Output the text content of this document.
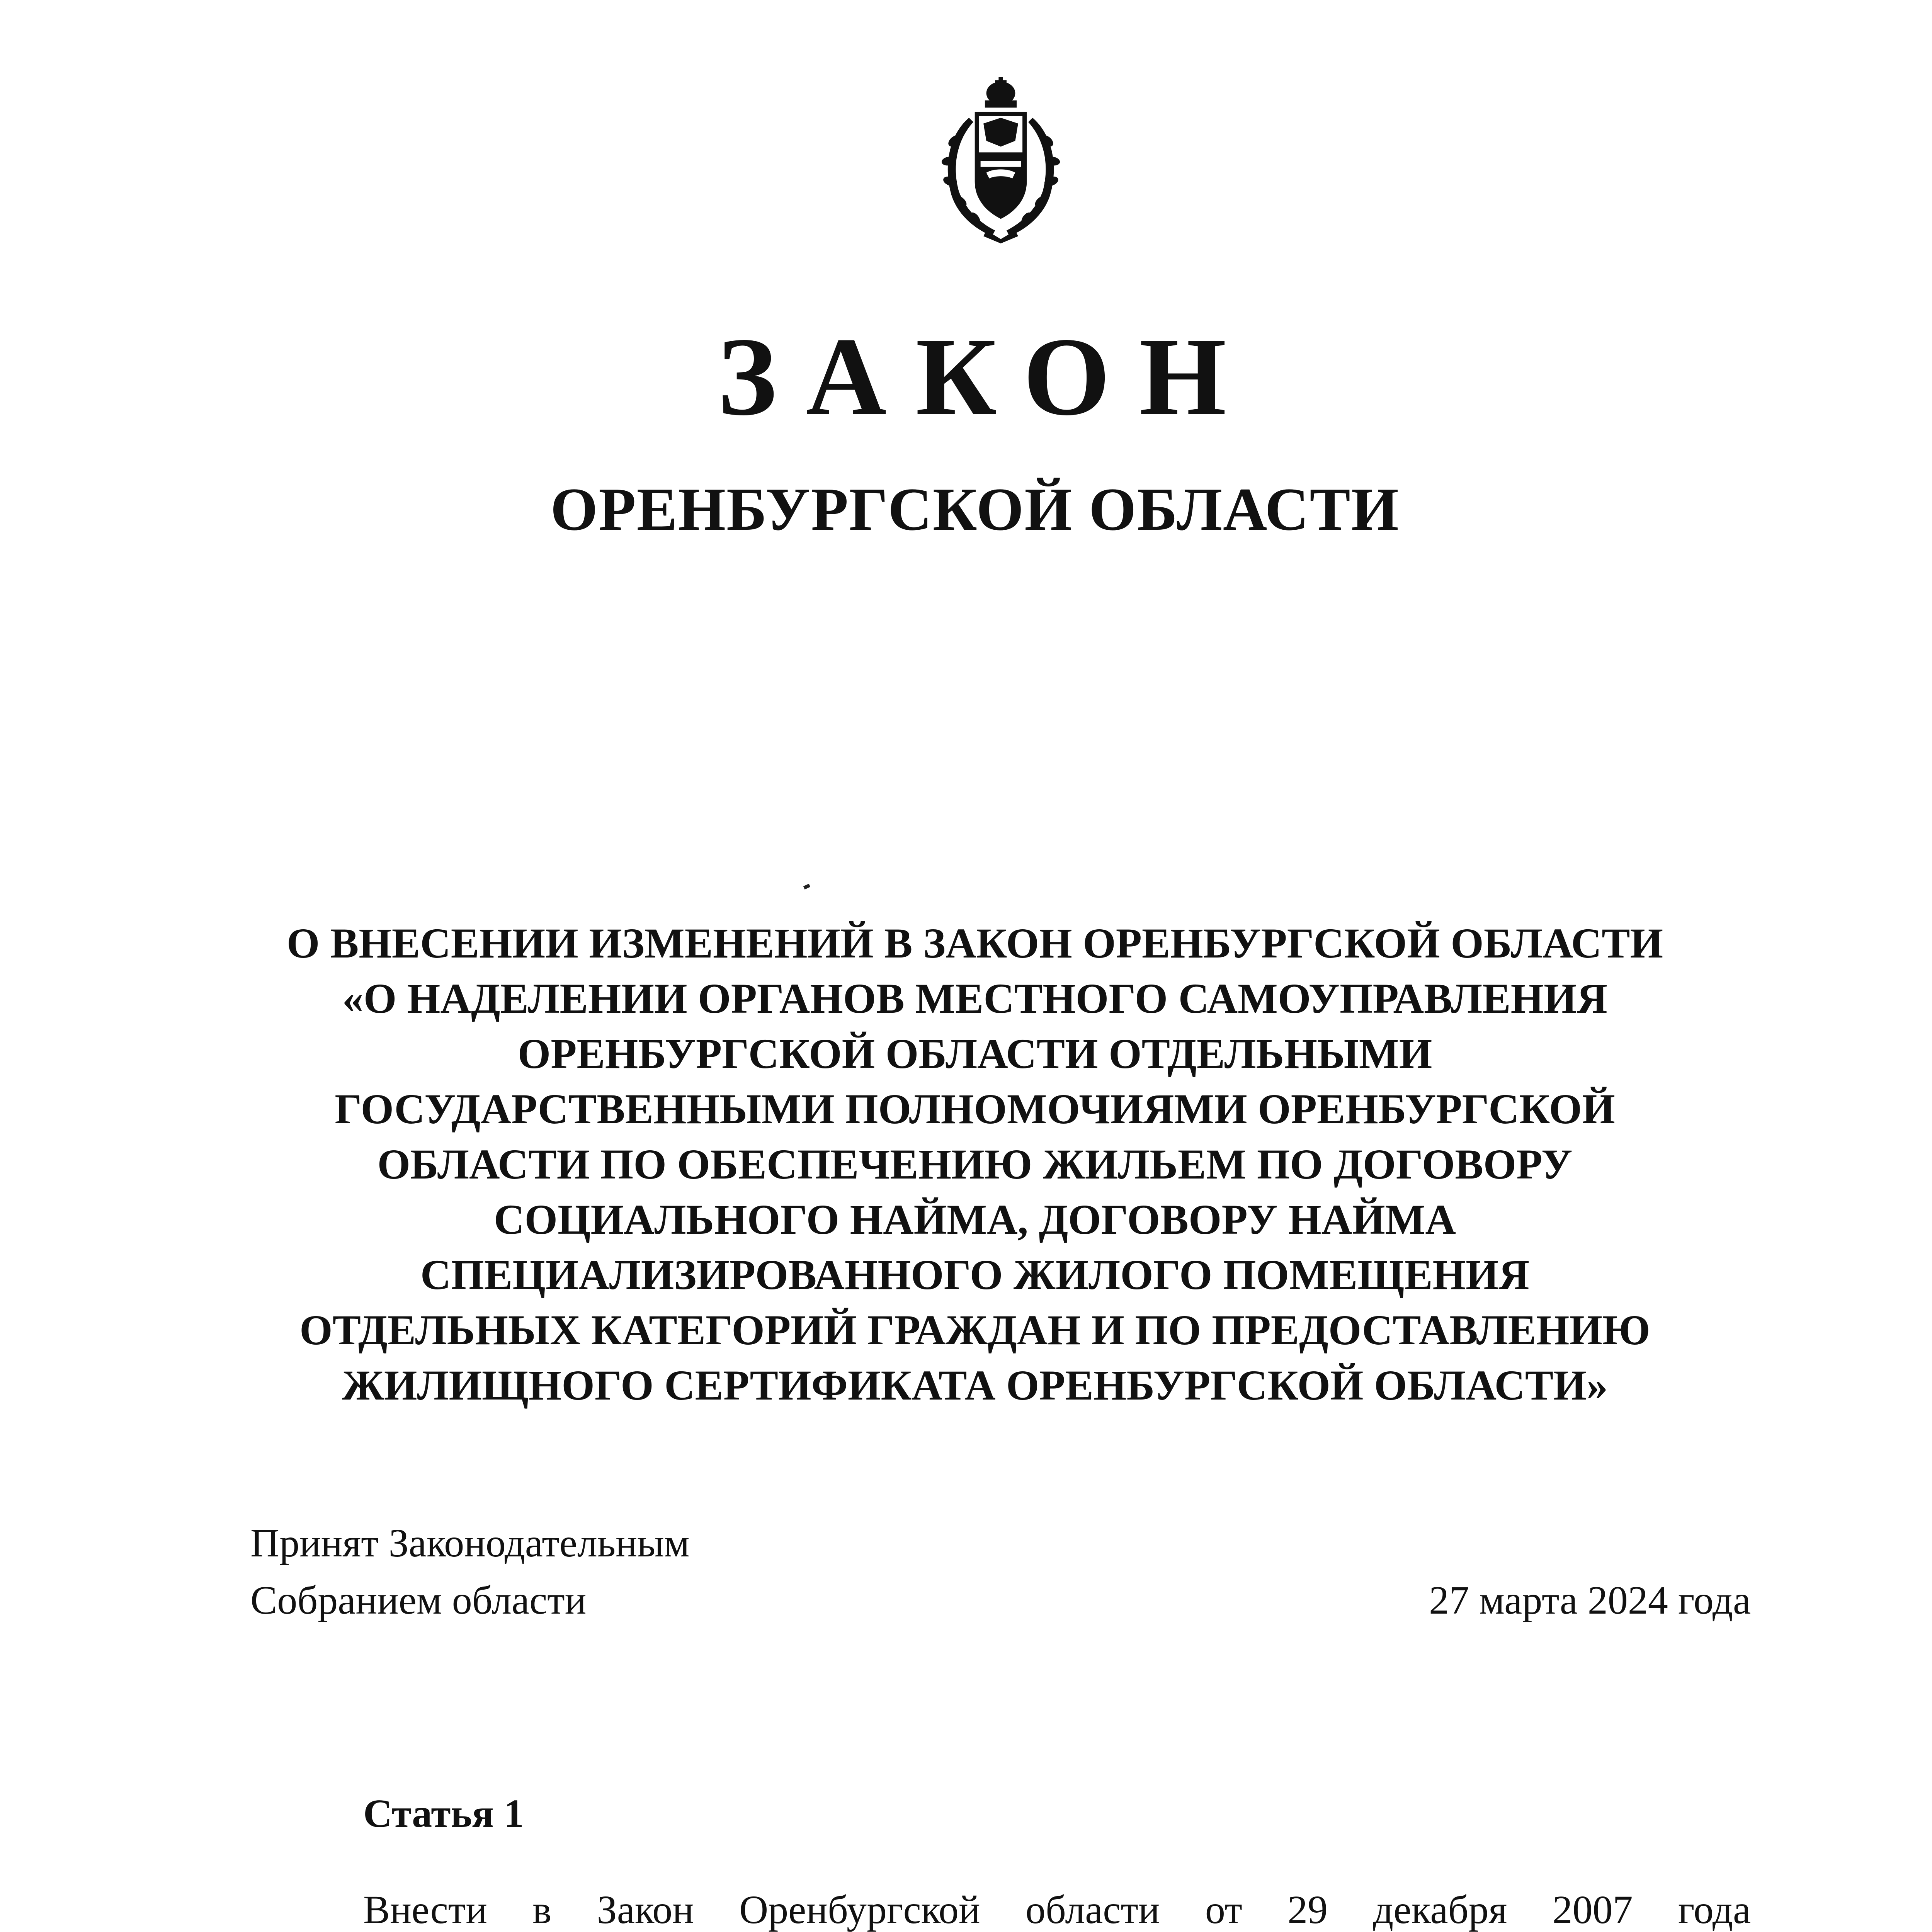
ЗАКОН
ОРЕНБУРГСКОЙ ОБЛАСТИ
О ВНЕСЕНИИ ИЗМЕНЕНИЙ В ЗАКОН ОРЕНБУРГСКОЙ ОБЛАСТИ
«О НАДЕЛЕНИИ ОРГАНОВ МЕСТНОГО САМОУПРАВЛЕНИЯ
ОРЕНБУРГСКОЙ ОБЛАСТИ ОТДЕЛЬНЫМИ
ГОСУДАРСТВЕННЫМИ ПОЛНОМОЧИЯМИ ОРЕНБУРГСКОЙ
ОБЛАСТИ ПО ОБЕСПЕЧЕНИЮ ЖИЛЬЕМ ПО ДОГОВОРУ
СОЦИАЛЬНОГО НАЙМА, ДОГОВОРУ НАЙМА
СПЕЦИАЛИЗИРОВАННОГО ЖИЛОГО ПОМЕЩЕНИЯ
ОТДЕЛЬНЫХ КАТЕГОРИЙ ГРАЖДАН И ПО ПРЕДОСТАВЛЕНИЮ
ЖИЛИЩНОГО СЕРТИФИКАТА ОРЕНБУРГСКОЙ ОБЛАСТИ»
Принят Законодательным
Собранием области	27 марта 2024 года
Статья 1
Внести в Закон Оренбургской области от 29 декабря 2007 года
